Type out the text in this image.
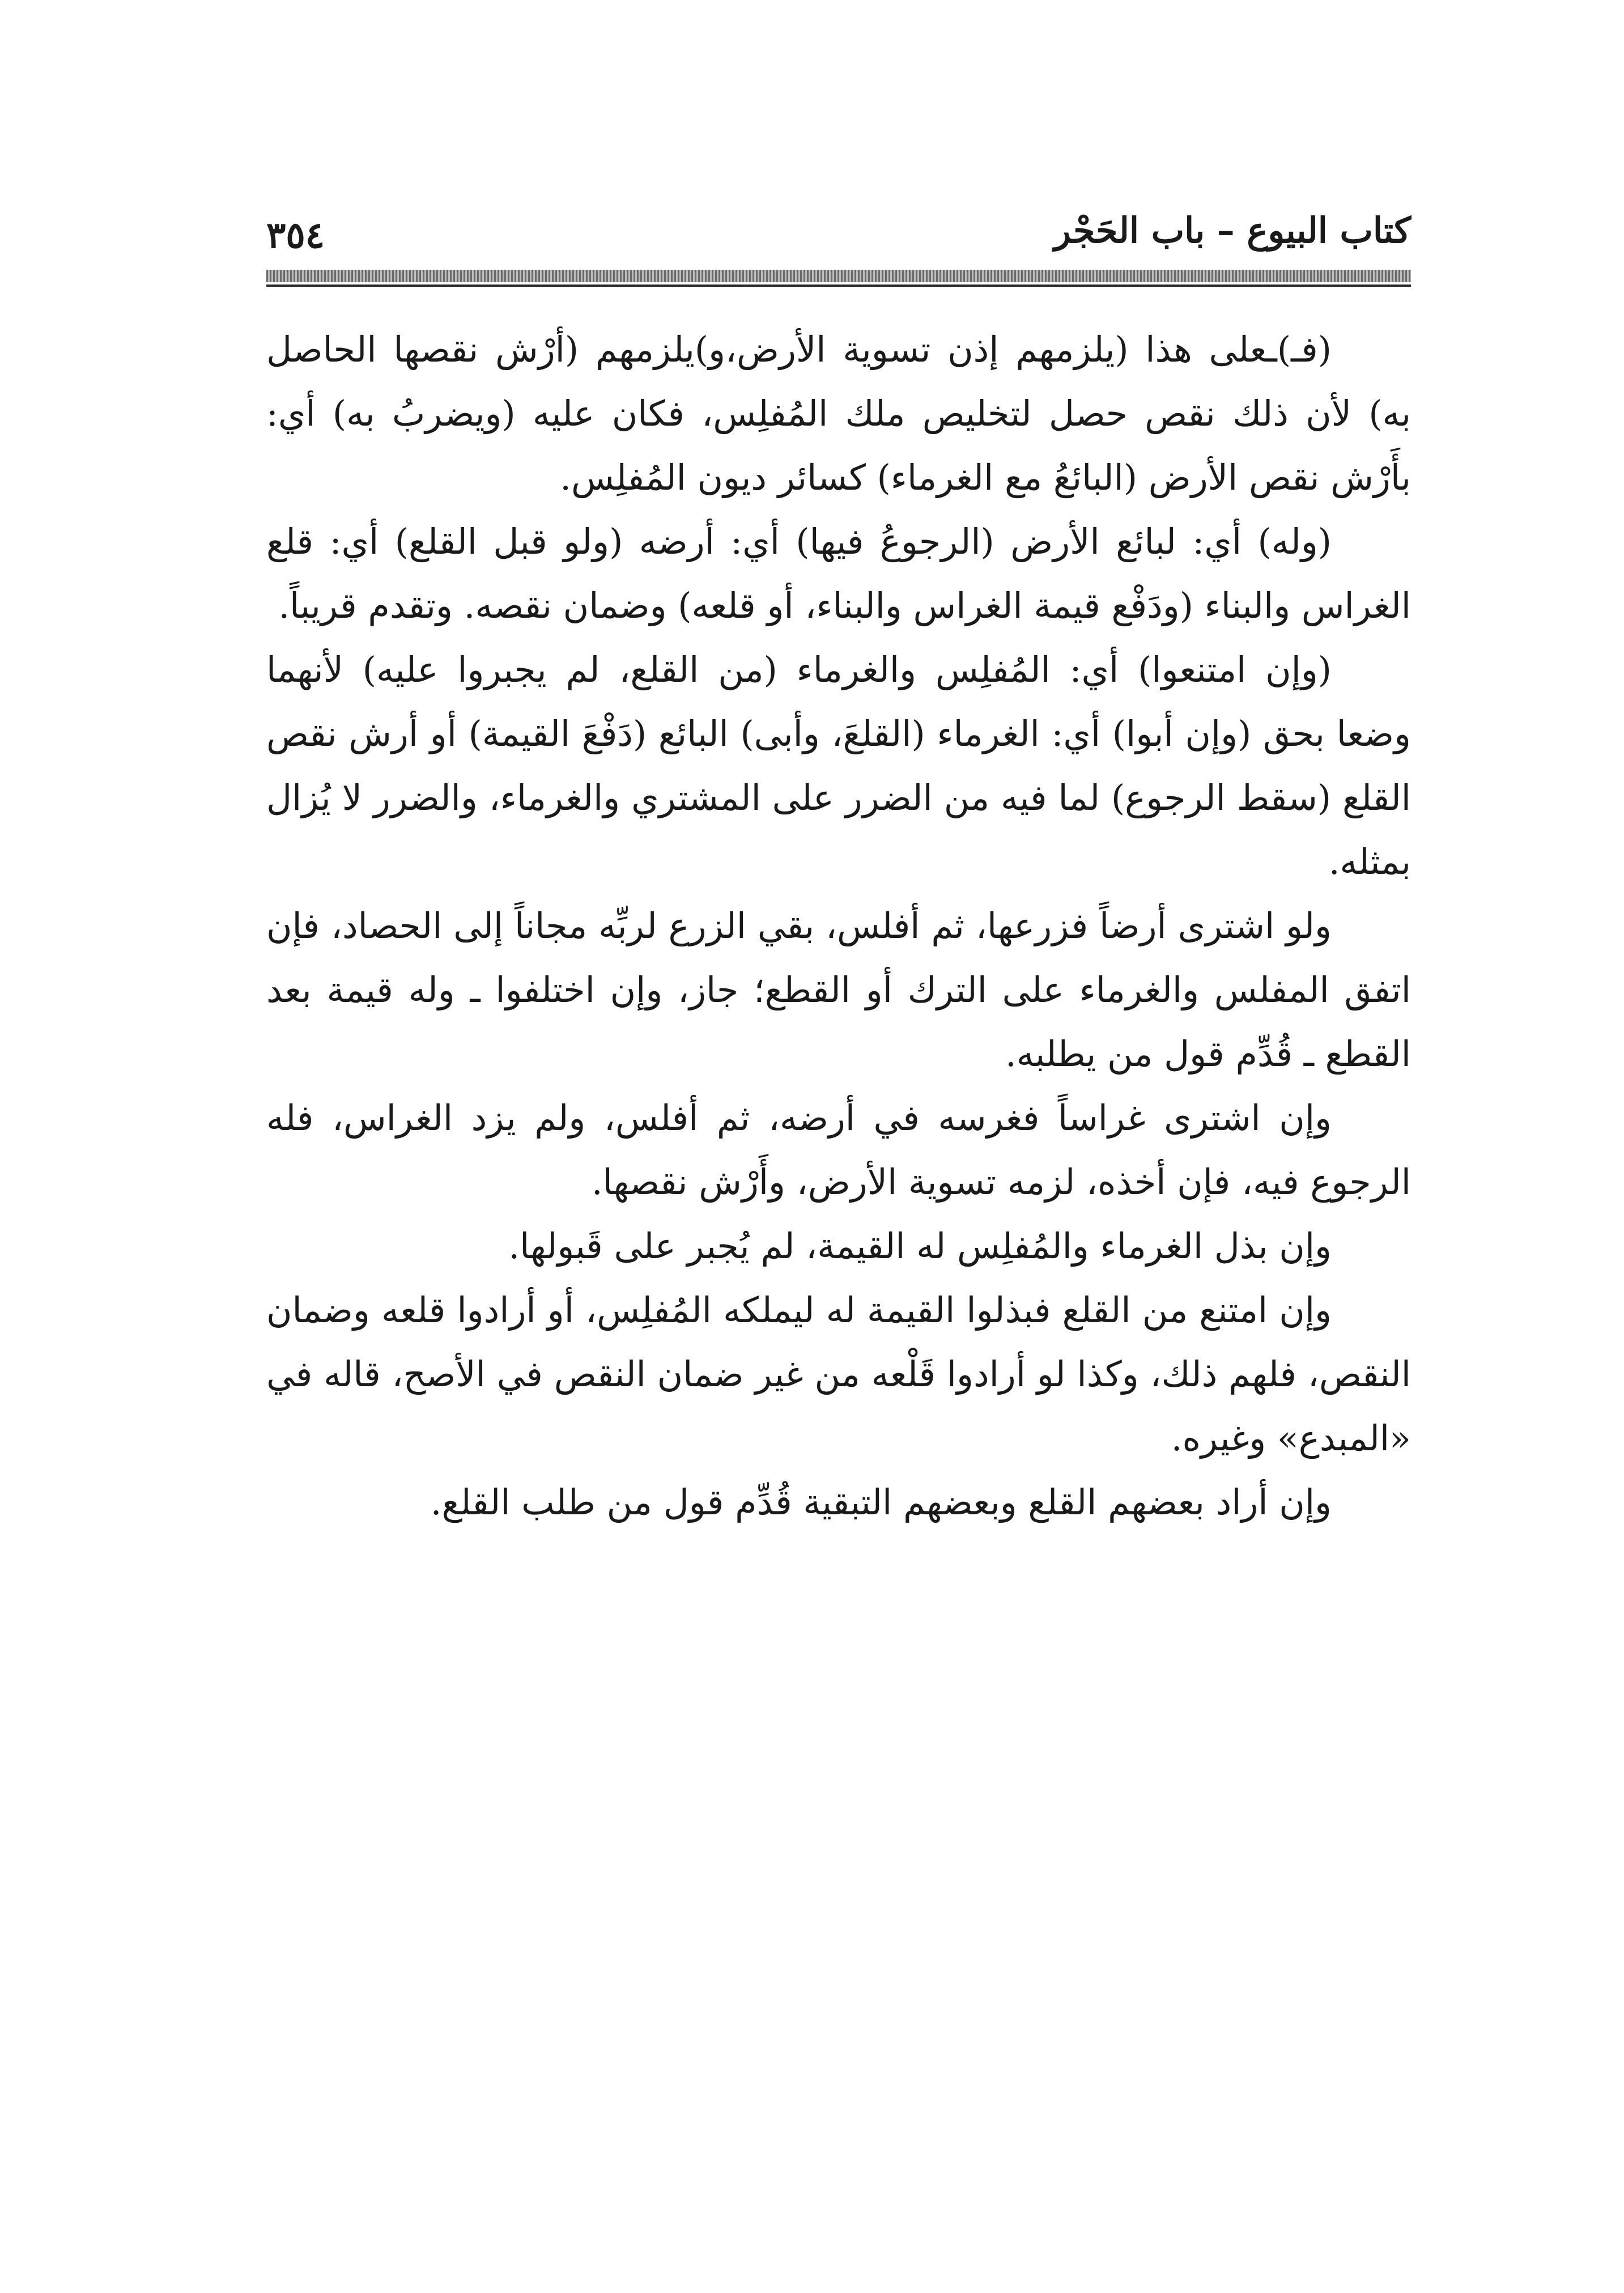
كتاب البيوع – باب الحَجْر
٣٥٤

(فـ)ـعلى هذا (يلزمهم إذن تسوية الأرض،و)يلزمهم (أرْش نقصها الحاصل به) لأن ذلك نقص حصل لتخليص ملك المُفلِس، فكان عليه (ويضربُ به) أي: بأَرْش نقص الأرض (البائعُ مع الغرماء) كسائر ديون المُفلِس.

(وله) أي: لبائع الأرض (الرجوعُ فيها) أي: أرضه (ولو قبل القلع) أي: قلع الغراس والبناء (ودَفْع قيمة الغراس والبناء، أو قلعه) وضمان نقصه. وتقدم قريباً.

(وإن امتنعوا) أي: المُفلِس والغرماء (من القلع، لم يجبروا عليه) لأنهما وضعا بحق (وإن أبوا) أي: الغرماء (القلعَ، وأبى) البائع (دَفْعَ القيمة) أو أرش نقص القلع (سقط الرجوع) لما فيه من الضرر على المشتري والغرماء، والضرر لا يُزال بمثله.

ولو اشترى أرضاً فزرعها، ثم أفلس، بقي الزرع لربِّه مجاناً إلى الحصاد، فإن اتفق المفلس والغرماء على الترك أو القطع؛ جاز، وإن اختلفوا ـ وله قيمة بعد القطع ـ قُدِّم قول من يطلبه.

وإن اشترى غراساً فغرسه في أرضه، ثم أفلس، ولم يزد الغراس، فله الرجوع فيه، فإن أخذه، لزمه تسوية الأرض، وأَرْش نقصها.

وإن بذل الغرماء والمُفلِس له القيمة، لم يُجبر على قَبولها.

وإن امتنع من القلع فبذلوا القيمة له ليملكه المُفلِس، أو أرادوا قلعه وضمان النقص، فلهم ذلك، وكذا لو أرادوا قَلْعه من غير ضمان النقص في الأصح، قاله في «المبدع» وغيره.

وإن أراد بعضهم القلع وبعضهم التبقية قُدِّم قول من طلب القلع.
